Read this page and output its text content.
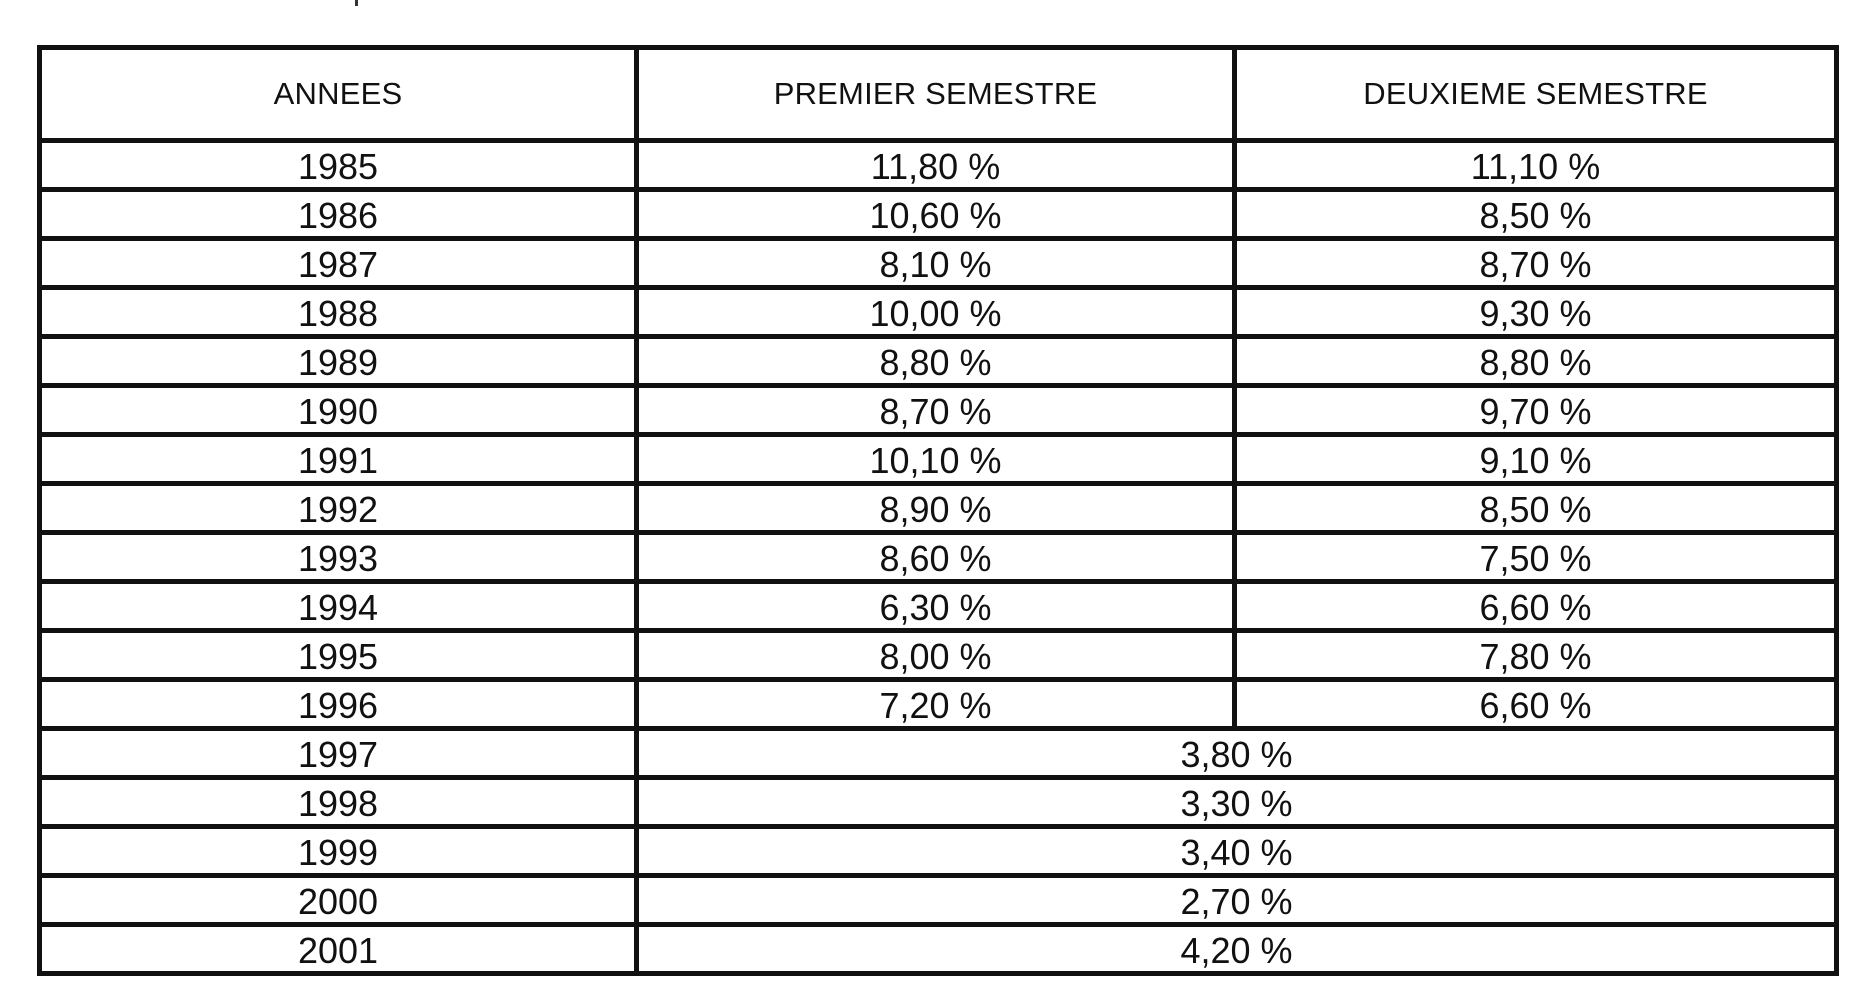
ANNEES	PREMIER SEMESTRE	DEUXIEME SEMESTRE
1985	11,80 %	11,10 %
1986	10,60 %	8,50 %
1987	8,10 %	8,70 %
1988	10,00 %	9,30 %
1989	8,80 %	8,80 %
1990	8,70 %	9,70 %
1991	10,10 %	9,10 %
1992	8,90 %	8,50 %
1993	8,60 %	7,50 %
1994	6,30 %	6,60 %
1995	8,00 %	7,80 %
1996	7,20 %	6,60 %
1997	3,80 %	
1998	3,30 %	
1999	3,40 %	
2000	2,70 %	
2001	4,20 %	
